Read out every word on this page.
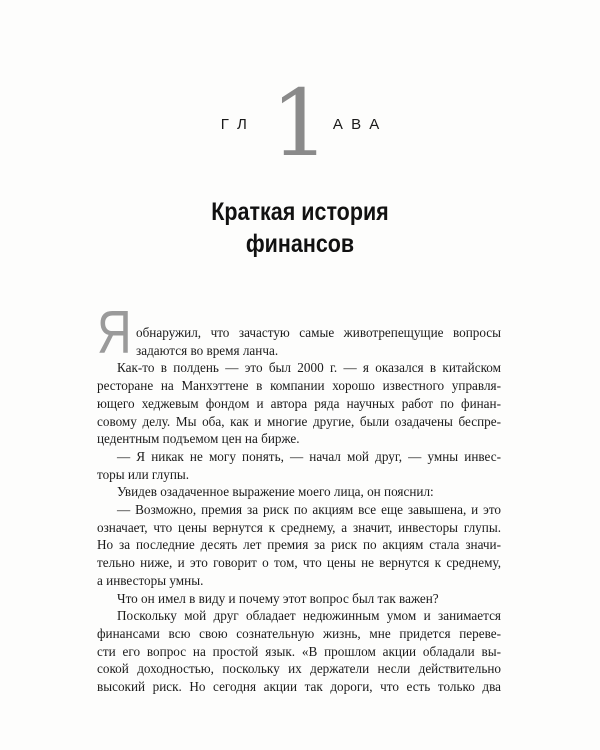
1
Г Л	А В А
Краткая история
финансов
Я обнаружил, что зачастую самые животрепещущие вопросы
задаются во время ланча.
Как-то в полдень — это был 2000 г. — я оказался в китайском
ресторане на Манхэттене в компании хорошо известного управля-
ющего хеджевым фондом и автора ряда научных работ по финан-
совому делу. Мы оба, как и многие другие, были озадачены беспре-
цедентным подъемом цен на бирже.
— Я никак не могу понять, — начал мой друг, — умны инвес-
торы или глупы.
Увидев озадаченное выражение моего лица, он пояснил:
— Возможно, премия за риск по акциям все еще завышена, и это
означает, что цены вернутся к среднему, а значит, инвесторы глупы.
Но за последние десять лет премия за риск по акциям стала значи-
тельно ниже, и это говорит о том, что цены не вернутся к среднему,
а инвесторы умны.
Что он имел в виду и почему этот вопрос был так важен?
Поскольку мой друг обладает недюжинным умом и занимается
финансами всю свою сознательную жизнь, мне придется переве-
сти его вопрос на простой язык. «В прошлом акции обладали вы-
сокой доходностью, поскольку их держатели несли действительно
высокий риск. Но сегодня акции так дороги, что есть только два
